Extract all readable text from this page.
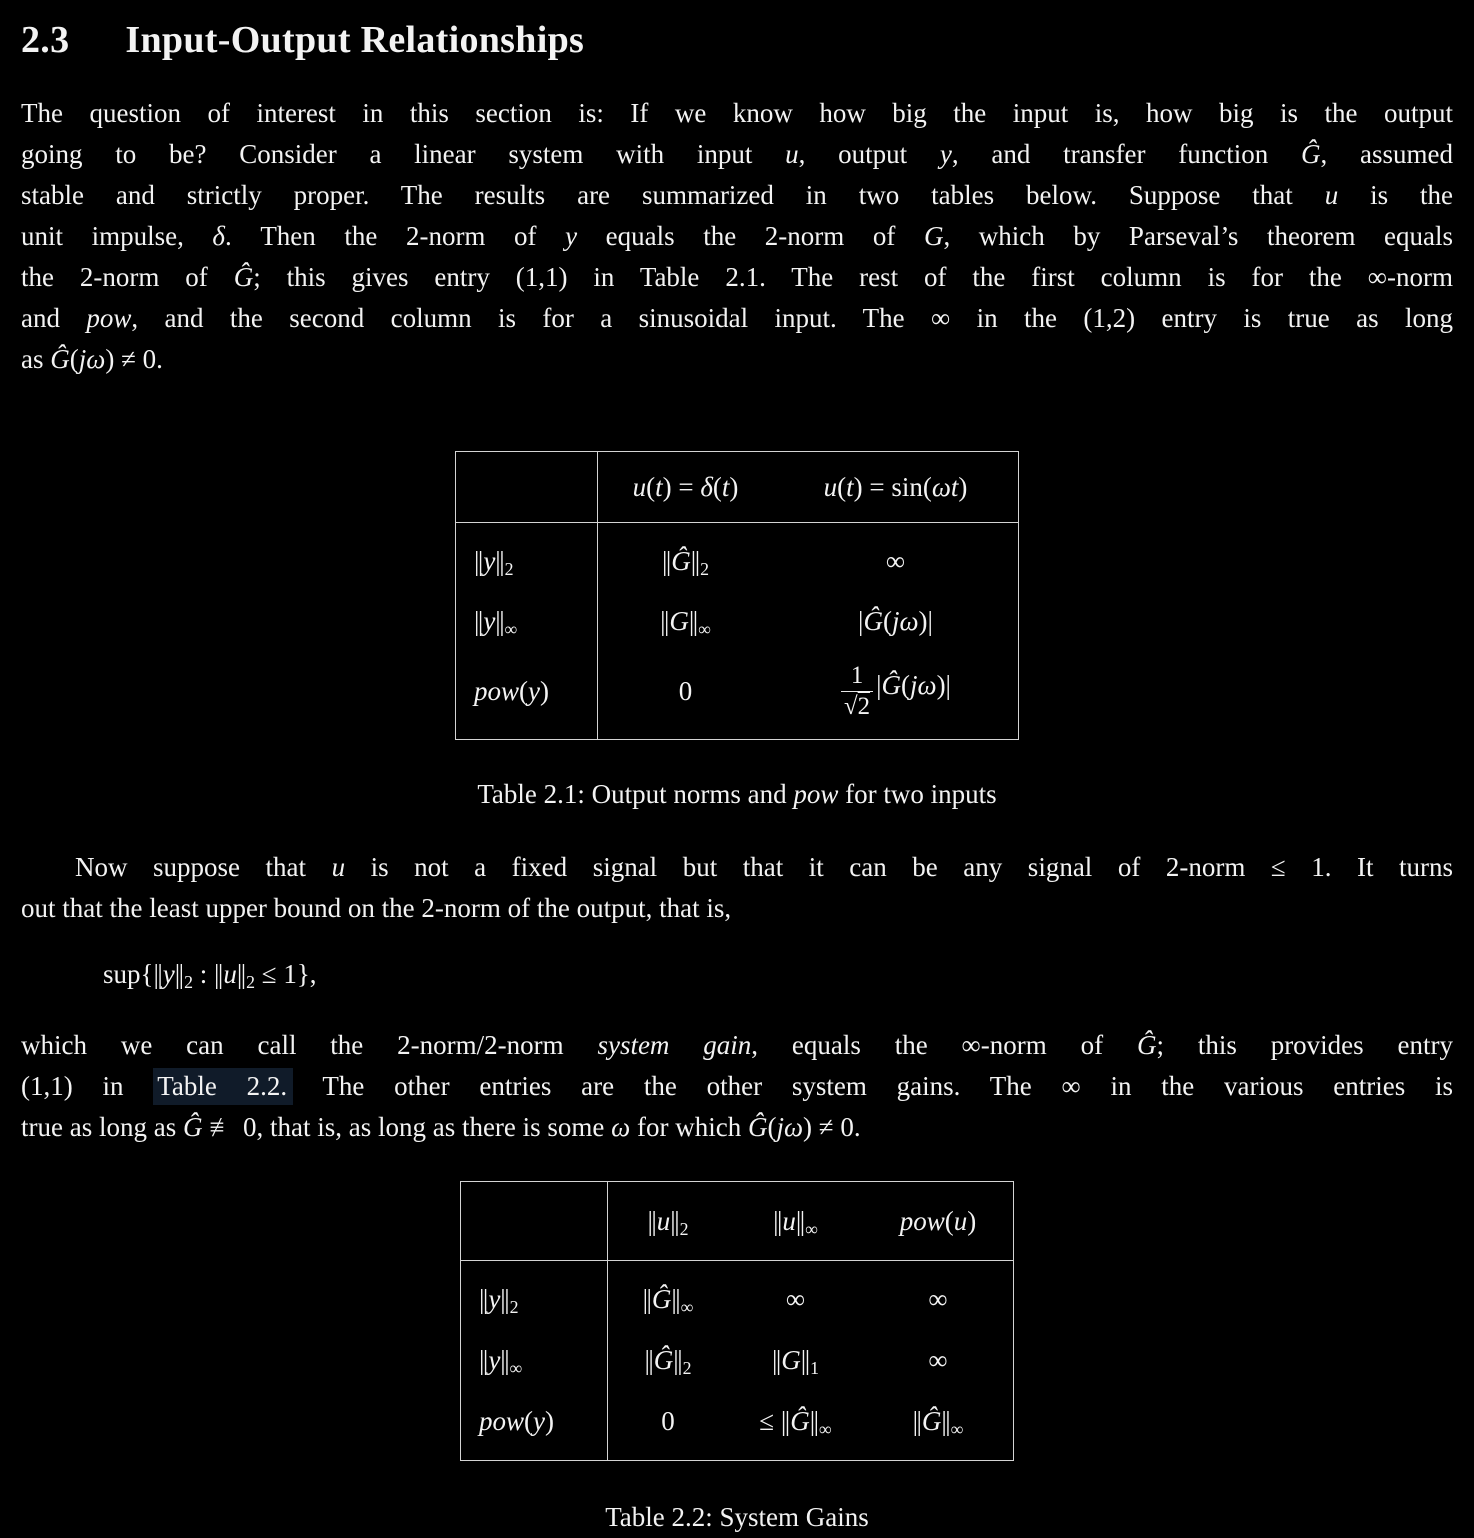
2.3 Input-Output Relationships
The question of interest in this section is: If we know how big the input is, how big is the output
going to be? Consider a linear system with input u, output y, and transfer function Ĝ, assumed
stable and strictly proper. The results are summarized in two tables below. Suppose that u is the
unit impulse, δ. Then the 2-norm of y equals the 2-norm of G, which by Parseval’s theorem equals
the 2-norm of Ĝ; this gives entry (1,1) in Table 2.1. The rest of the first column is for the ∞-norm
and pow, and the second column is for a sinusoidal input. The ∞ in the (1,2) entry is true as long
as Ĝ(jω) ≠ 0.
	u(t) = δ(t)	u(t) = sin(ωt)
||y||2	||Ĝ||2	∞
||y||∞	||G||∞	|Ĝ(jω)|
pow(y)	0	$\frac{1}{√2}$ |Ĝ(jω)|
Table 2.1: Output norms and pow for two inputs
Now suppose that u is not a fixed signal but that it can be any signal of 2-norm ≤ 1. It turns
out that the least upper bound on the 2-norm of the output, that is,
sup{||y||2 : ||u||2 ≤ 1},
which we can call the 2-norm/2-norm system gain, equals the ∞-norm of Ĝ; this provides entry
(1,1) in Table 2.2. The other entries are the other system gains. The ∞ in the various entries is
true as long as Ĝ ≢ 0, that is, as long as there is some ω for which Ĝ(jω) ≠ 0.
	||u||2	||u||∞	pow(u)
||y||2	||Ĝ||∞	∞	∞
||y||∞	||Ĝ||2	||G||1	∞
pow(y)	0	≤ ||Ĝ||∞	||Ĝ||∞
Table 2.2: System Gains
